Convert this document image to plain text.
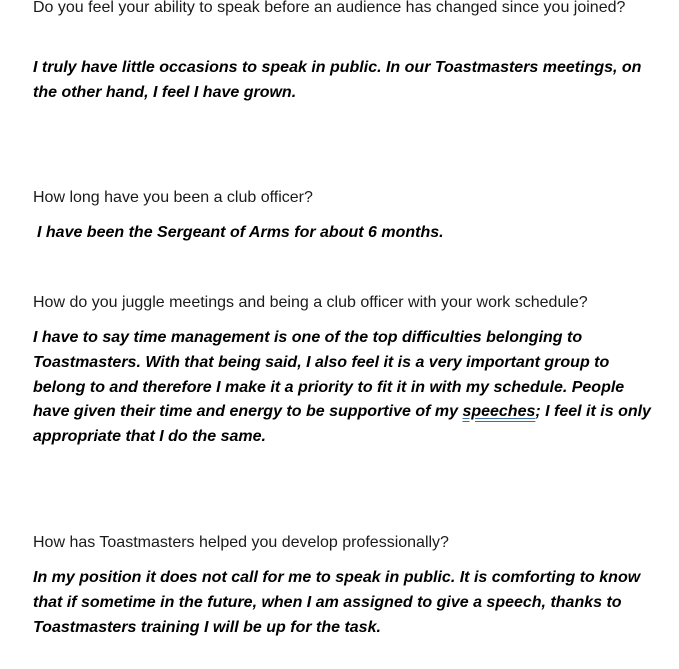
Do you feel your ability to speak before an audience has changed since you joined?

I truly have little occasions to speak in public. In our Toastmasters meetings, on the other hand, I feel I have grown.

How long have you been a club officer?

I have been the Sergeant of Arms for about 6 months.

How do you juggle meetings and being a club officer with your work schedule?

I have to say time management is one of the top difficulties belonging to Toastmasters. With that being said, I also feel it is a very important group to belong to and therefore I make it a priority to fit it in with my schedule. People have given their time and energy to be supportive of my speeches; I feel it is only appropriate that I do the same.

How has Toastmasters helped you develop professionally?

In my position it does not call for me to speak in public. It is comforting to know that if sometime in the future, when I am assigned to give a speech, thanks to Toastmasters training I will be up for the task.
